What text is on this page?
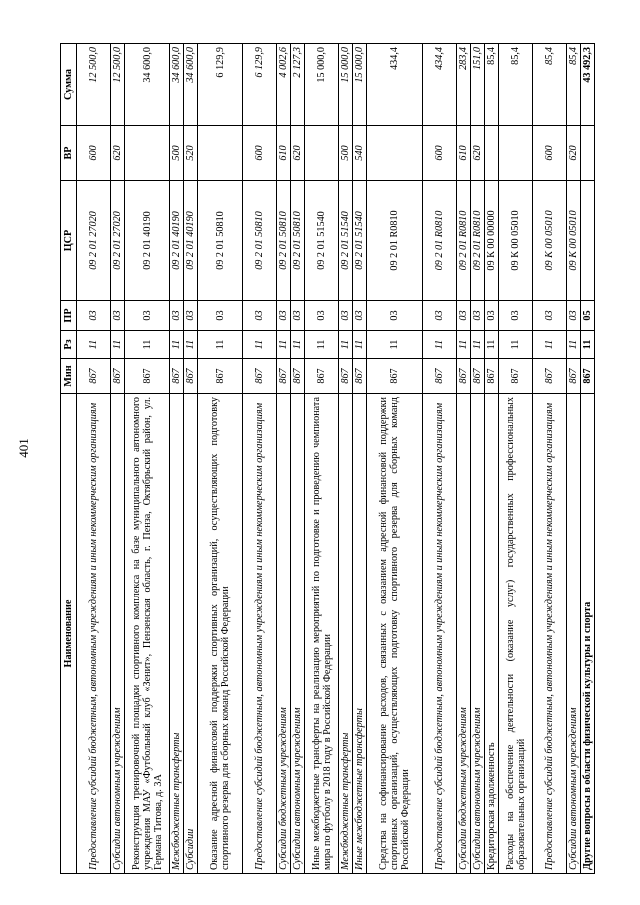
401
Наименование	Мин	Рз	ПР	ЦСР	ВР	Сумма
Предоставление субсидий бюджетным, автономным учреждениям и иным некоммерческим организациям	867	11	03	09 2 01 27020	600	12 500,0
Субсидии автономным учреждениям	867	11	03	09 2 01 27020	620	12 500,0
Реконструкция тренировочной площадки спортивного комплекса на базе муниципального автономного учреждения МАУ «Футбольный клуб «Зенит», Пензенская область, г. Пенза, Октябрьский район, ул. Германа Титова, д. 3А	867	11	03	09 2 01 40190		34 600,0
Межбюджетные трансферты	867	11	03	09 2 01 40190	500	34 600,0
Субсидии	867	11	03	09 2 01 40190	520	34 600,0
Оказание адресной финансовой поддержки спортивных организаций, осуществляющих подготовку спортивного резерва для сборных команд Российской Федерации	867	11	03	09 2 01 50810		6 129,9
Предоставление субсидий бюджетным, автономным учреждениям и иным некоммерческим организациям	867	11	03	09 2 01 50810	600	6 129,9
Субсидии бюджетным учреждениям	867	11	03	09 2 01 50810	610	4 002,6
Субсидии автономным учреждениям	867	11	03	09 2 01 50810	620	2 127,3
Иные межбюджетные трансферты на реализацию мероприятий по подготовке и проведению чемпионата мира по футболу в 2018 году в Российской Федерации	867	11	03	09 2 01 51540		15 000,0
Межбюджетные трансферты	867	11	03	09 2 01 51540	500	15 000,0
Иные межбюджетные трансферты	867	11	03	09 2 01 51540	540	15 000,0
Средства на софинансирование расходов, связанных с оказанием адресной финансовой поддержки спортивных организаций, осуществляющих подготовку спортивного резерва для сборных команд Российской Федерации	867	11	03	09 2 01 R0810		434,4
Предоставление субсидий бюджетным, автономным учреждениям и иным некоммерческим организациям	867	11	03	09 2 01 R0810	600	434,4
Субсидии бюджетным учреждениям	867	11	03	09 2 01 R0810	610	283,4
Субсидии автономным учреждениям	867	11	03	09 2 01 R0810	620	151,0
Кредиторская задолженность	867	11	03	09 К 00 00000		85,4
Расходы на обеспечение деятельности (оказание услуг) государственных профессиональных образовательных организаций	867	11	03	09 К 00 05010		85,4
Предоставление субсидий бюджетным, автономным учреждениям и иным некоммерческим организациям	867	11	03	09 К 00 05010	600	85,4
Субсидии автономным учреждениям	867	11	03	09 К 00 05010	620	85,4
Другие вопросы в области физической культуры и спорта	867	11	05			43 492,3
